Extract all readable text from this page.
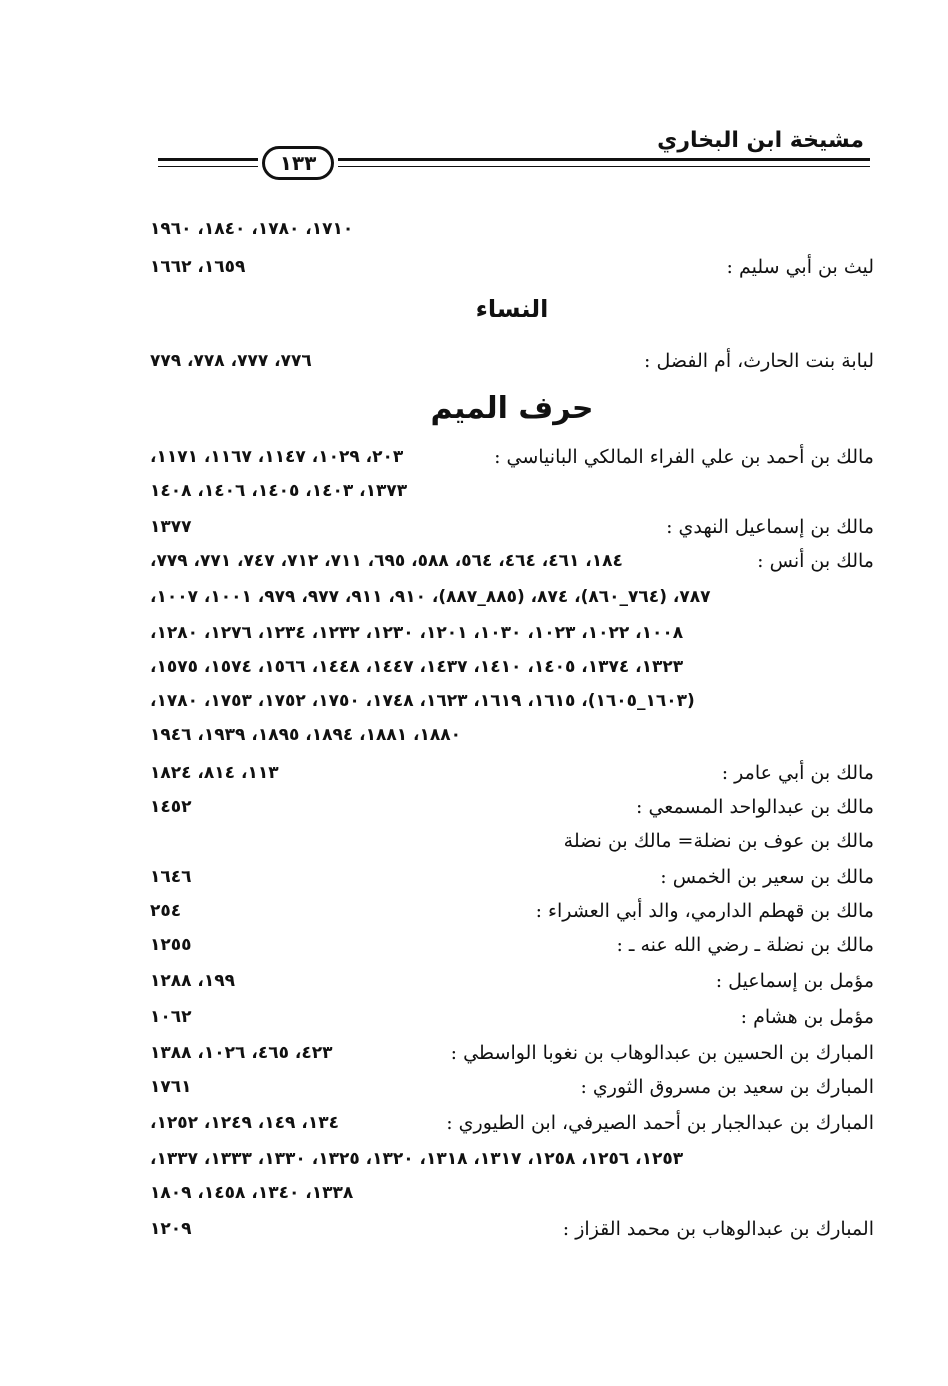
مشيخة ابن البخاري
١٣٣
١٧١٠، ١٧٨٠، ١٨٤٠، ١٩٦٠
ليث بن أبي سليم :
١٦٥٩، ١٦٦٢
النساء
لبابة بنت الحارث، أم الفضل :
٧٧٦، ٧٧٧، ٧٧٨، ٧٧٩
حرف الميم
مالك بن أحمد بن علي الفراء المالكي البانياسي :
٢٠٣، ١٠٢٩، ١١٤٧، ١١٦٧، ١١٧١،
١٣٧٣، ١٤٠٣، ١٤٠٥، ١٤٠٦، ١٤٠٨
مالك بن إسماعيل النهدي :
١٣٧٧
مالك بن أنس :
١٨٤، ٤٦١، ٤٦٤، ٥٦٤، ٥٨٨، ٦٩٥، ٧١١، ٧١٢، ٧٤٧، ٧٧١، ٧٧٩،
٧٨٧، (٧٦٤_٨٦٠)، ٨٧٤، (٨٨٥_٨٨٧)، ٩١٠، ٩١١، ٩٧٧، ٩٧٩، ١٠٠١، ١٠٠٧،
١٠٠٨، ١٠٢٢، ١٠٢٣، ١٠٣٠، ١٢٠١، ١٢٣٠، ١٢٣٢، ١٢٣٤، ١٢٧٦، ١٢٨٠،
١٣٢٣، ١٣٧٤، ١٤٠٥، ١٤١٠، ١٤٣٧، ١٤٤٧، ١٤٤٨، ١٥٦٦، ١٥٧٤، ١٥٧٥،
(١٦٠٣_١٦٠٥)، ١٦١٥، ١٦١٩، ١٦٢٣، ١٧٤٨، ١٧٥٠، ١٧٥٢، ١٧٥٣، ١٧٨٠،
١٨٨٠، ١٨٨١، ١٨٩٤، ١٨٩٥، ١٩٣٩، ١٩٤٦
مالك بن أبي عامر :
١١٣، ٨١٤، ١٨٢٤
مالك بن عبدالواحد المسمعي :
١٤٥٢
مالك بن عوف بن نضلة= مالك بن نضلة
مالك بن سعير بن الخمس :
١٦٤٦
مالك بن قهطم الدارمي، والد أبي العشراء :
٢٥٤
مالك بن نضلة ـ رضي الله عنه ـ :
١٢٥٥
مؤمل بن إسماعيل :
١٩٩، ١٢٨٨
مؤمل بن هشام :
١٠٦٢
المبارك بن الحسين بن عبدالوهاب بن نغوبا الواسطي :
٤٢٣، ٤٦٥، ١٠٢٦، ١٣٨٨
المبارك بن سعيد بن مسروق الثوري :
١٧٦١
المبارك بن عبدالجبار بن أحمد الصيرفي، ابن الطيوري :
١٣٤، ١٤٩، ١٢٤٩، ١٢٥٢،
١٢٥٣، ١٢٥٦، ١٢٥٨، ١٣١٧، ١٣١٨، ١٣٢٠، ١٣٢٥، ١٣٣٠، ١٣٣٣، ١٣٣٧،
١٣٣٨، ١٣٤٠، ١٤٥٨، ١٨٠٩
المبارك بن عبدالوهاب بن محمد القزاز :
١٢٠٩
